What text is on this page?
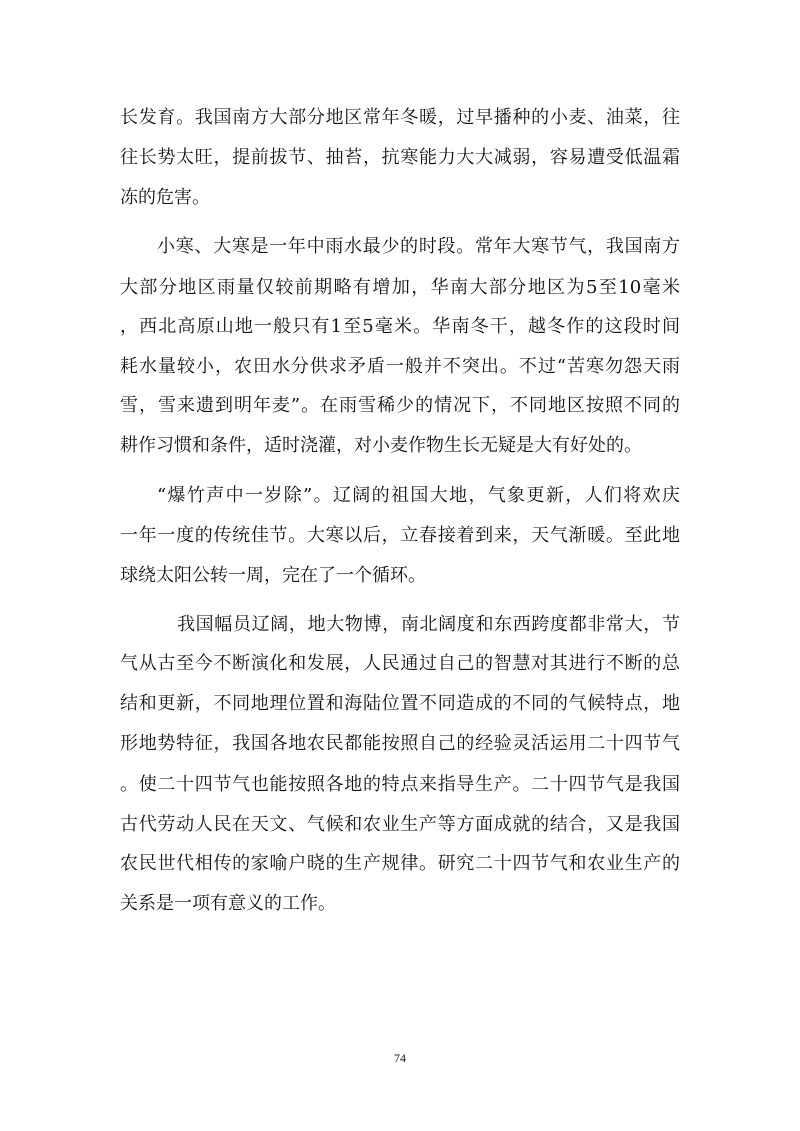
长发育。我国南方大部分地区常年冬暖，过早播种的小麦、油菜，往
往长势太旺，提前拔节、抽苔，抗寒能力大大减弱，容易遭受低温霜
冻的危害。
小寒、大寒是一年中雨水最少的时段。常年大寒节气，我国南方
大部分地区雨量仅较前期略有增加，华南大部分地区为5至10毫米
，西北高原山地一般只有1至5毫米。华南冬干，越冬作的这段时间
耗水量较小，农田水分供求矛盾一般并不突出。不过“苦寒勿怨天雨
雪，雪来遗到明年麦”。在雨雪稀少的情况下，不同地区按照不同的
耕作习惯和条件，适时浇灌，对小麦作物生长无疑是大有好处的。
“爆竹声中一岁除”。辽阔的祖国大地，气象更新，人们将欢庆
一年一度的传统佳节。大寒以后，立春接着到来，天气渐暖。至此地
球绕太阳公转一周，完在了一个循环。
我国幅员辽阔，地大物博，南北阔度和东西跨度都非常大，节
气从古至今不断演化和发展，人民通过自己的智慧对其进行不断的总
结和更新，不同地理位置和海陆位置不同造成的不同的气候特点，地
形地势特征，我国各地农民都能按照自己的经验灵活运用二十四节气
。使二十四节气也能按照各地的特点来指导生产。二十四节气是我国
古代劳动人民在天文、气候和农业生产等方面成就的结合，又是我国
农民世代相传的家喻户晓的生产规律。研究二十四节气和农业生产的
关系是一项有意义的工作。
74
